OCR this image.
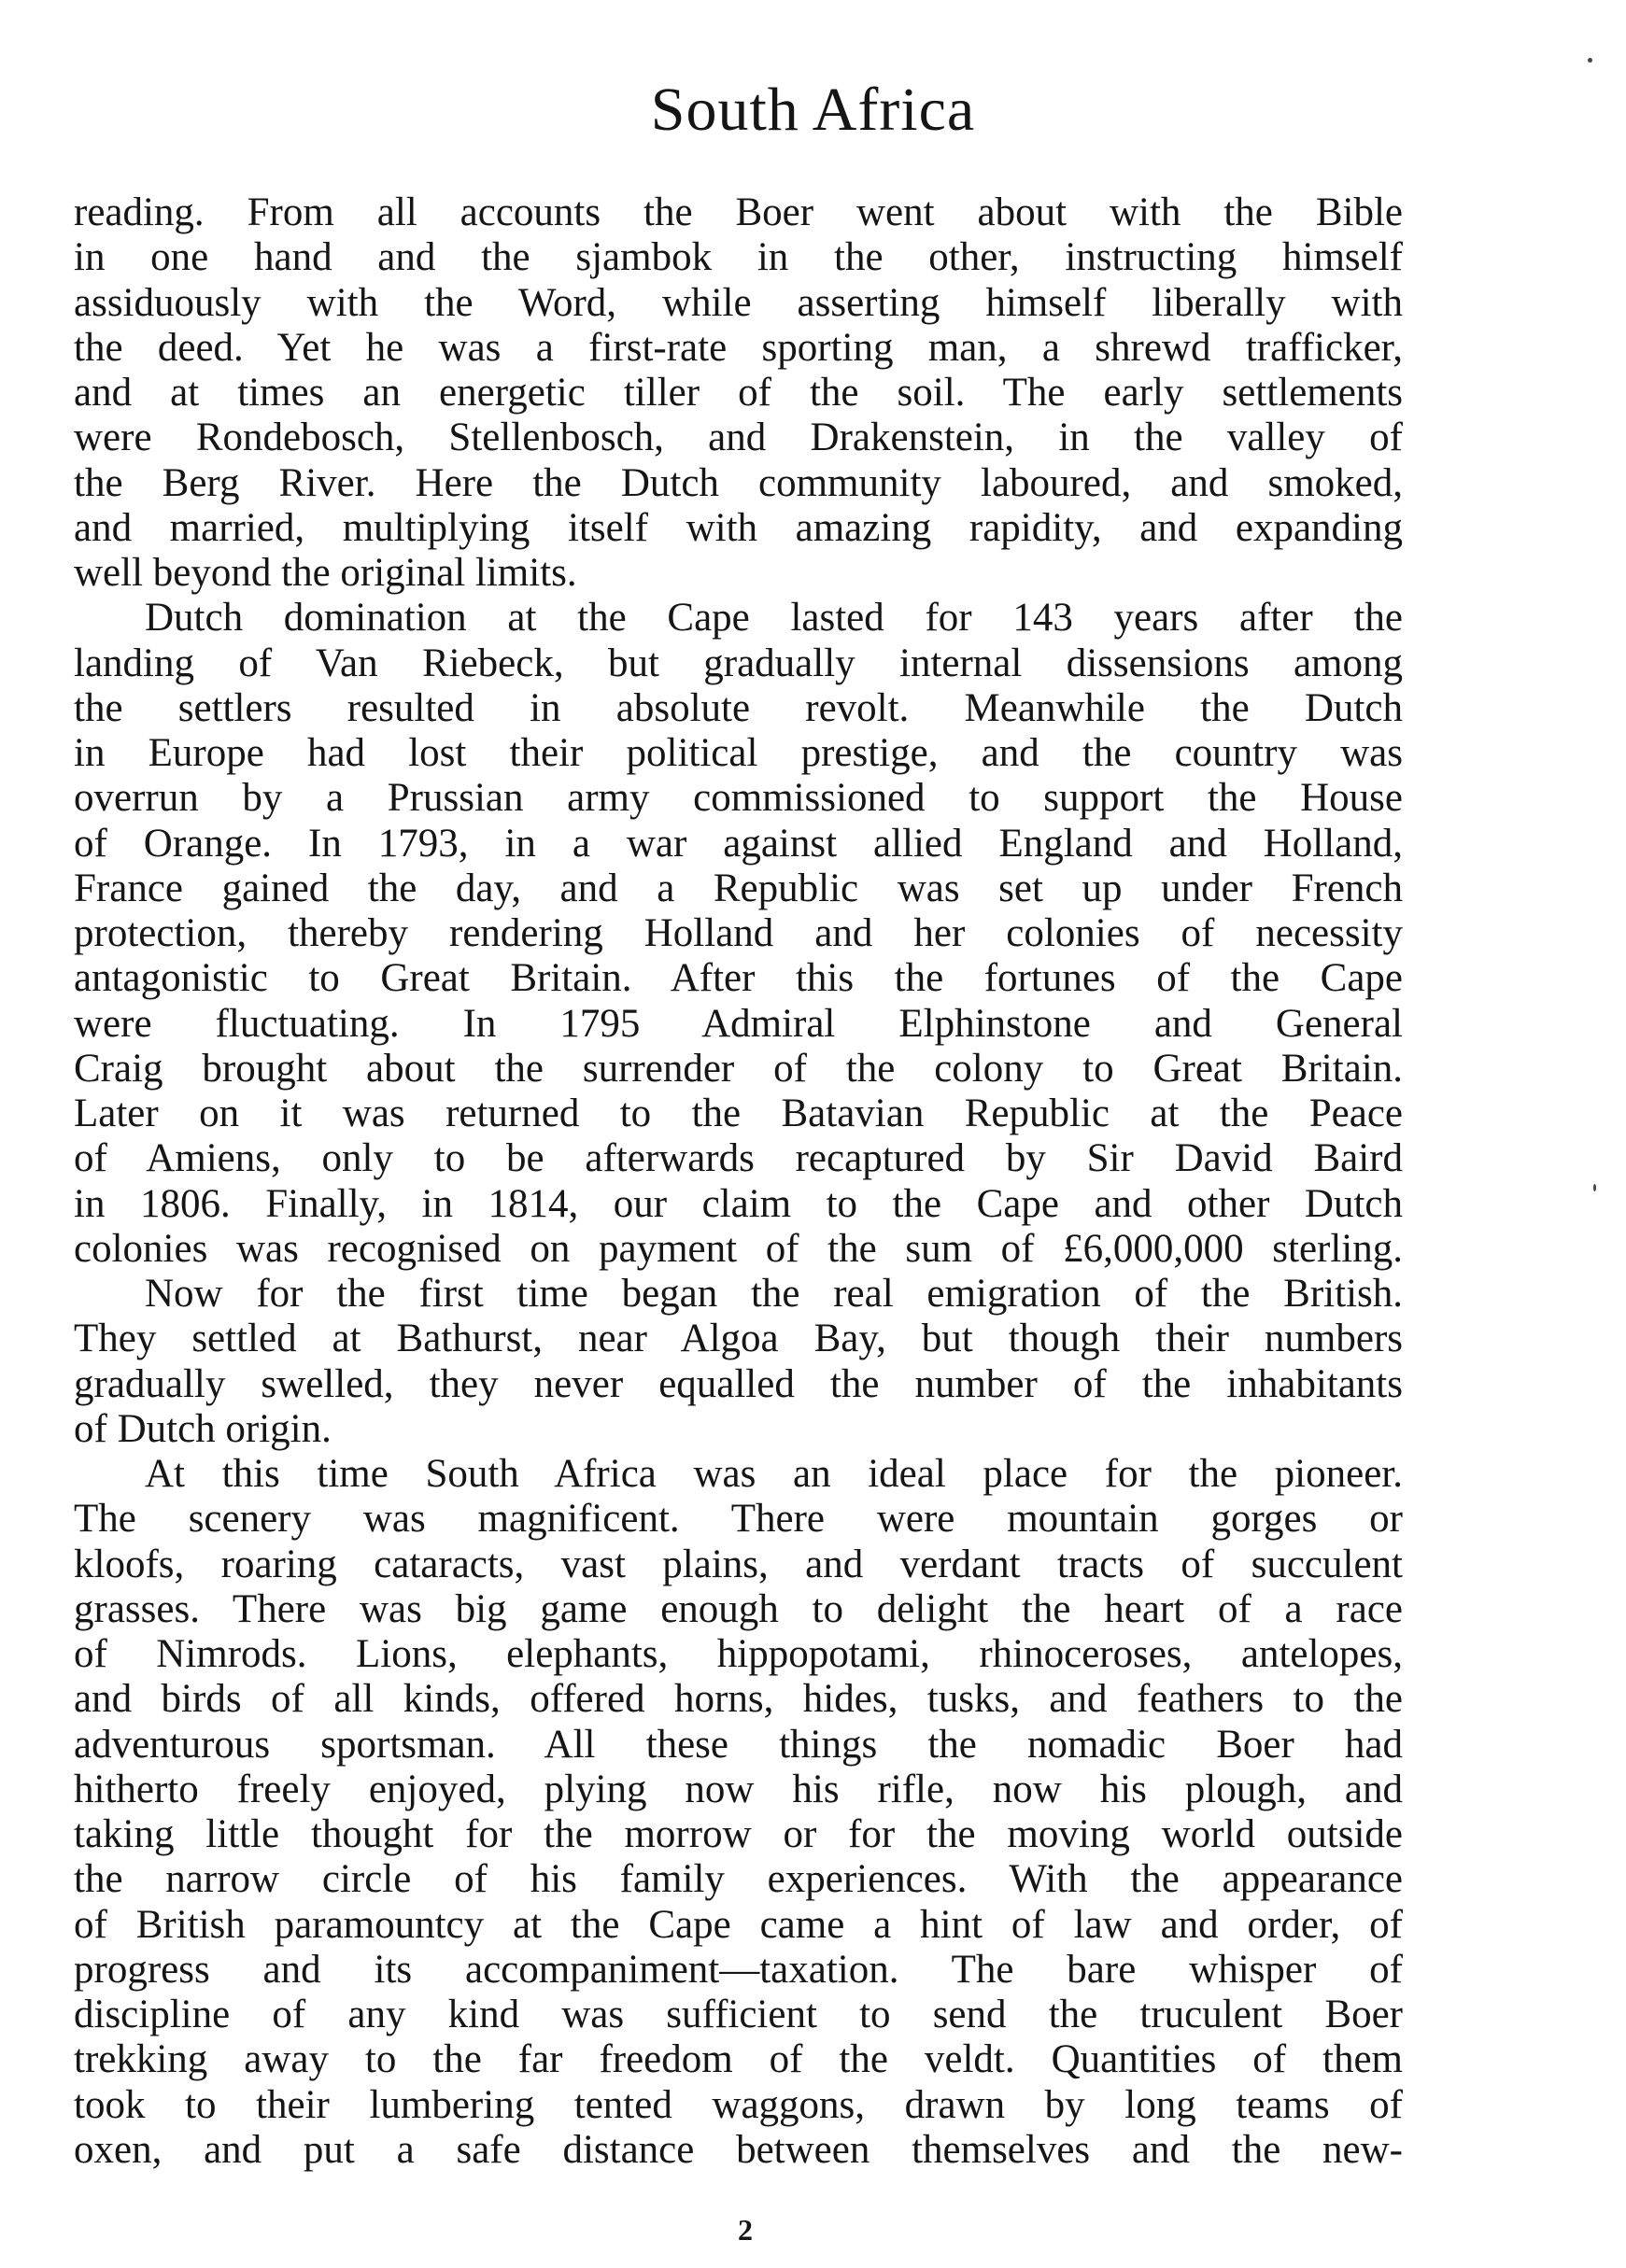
South Africa
reading. From all accounts the Boer went about with the Bible
in one hand and the sjambok in the other, instructing himself
assiduously with the Word, while asserting himself liberally with
the deed. Yet he was a first-rate sporting man, a shrewd trafficker,
and at times an energetic tiller of the soil. The early settlements
were Rondebosch, Stellenbosch, and Drakenstein, in the valley of
the Berg River. Here the Dutch community laboured, and smoked,
and married, multiplying itself with amazing rapidity, and expanding
well beyond the original limits.
Dutch domination at the Cape lasted for 143 years after the
landing of Van Riebeck, but gradually internal dissensions among
the settlers resulted in absolute revolt. Meanwhile the Dutch
in Europe had lost their political prestige, and the country was
overrun by a Prussian army commissioned to support the House
of Orange. In 1793, in a war against allied England and Holland,
France gained the day, and a Republic was set up under French
protection, thereby rendering Holland and her colonies of necessity
antagonistic to Great Britain. After this the fortunes of the Cape
were fluctuating. In 1795 Admiral Elphinstone and General
Craig brought about the surrender of the colony to Great Britain.
Later on it was returned to the Batavian Republic at the Peace
of Amiens, only to be afterwards recaptured by Sir David Baird
in 1806. Finally, in 1814, our claim to the Cape and other Dutch
colonies was recognised on payment of the sum of £6,000,000 sterling.
Now for the first time began the real emigration of the British.
They settled at Bathurst, near Algoa Bay, but though their numbers
gradually swelled, they never equalled the number of the inhabitants
of Dutch origin.
At this time South Africa was an ideal place for the pioneer.
The scenery was magnificent. There were mountain gorges or
kloofs, roaring cataracts, vast plains, and verdant tracts of succulent
grasses. There was big game enough to delight the heart of a race
of Nimrods. Lions, elephants, hippopotami, rhinoceroses, antelopes,
and birds of all kinds, offered horns, hides, tusks, and feathers to the
adventurous sportsman. All these things the nomadic Boer had
hitherto freely enjoyed, plying now his rifle, now his plough, and
taking little thought for the morrow or for the moving world outside
the narrow circle of his family experiences. With the appearance
of British paramountcy at the Cape came a hint of law and order, of
progress and its accompaniment—taxation. The bare whisper of
discipline of any kind was sufficient to send the truculent Boer
trekking away to the far freedom of the veldt. Quantities of them
took to their lumbering tented waggons, drawn by long teams of
oxen, and put a safe distance between themselves and the new-
2
